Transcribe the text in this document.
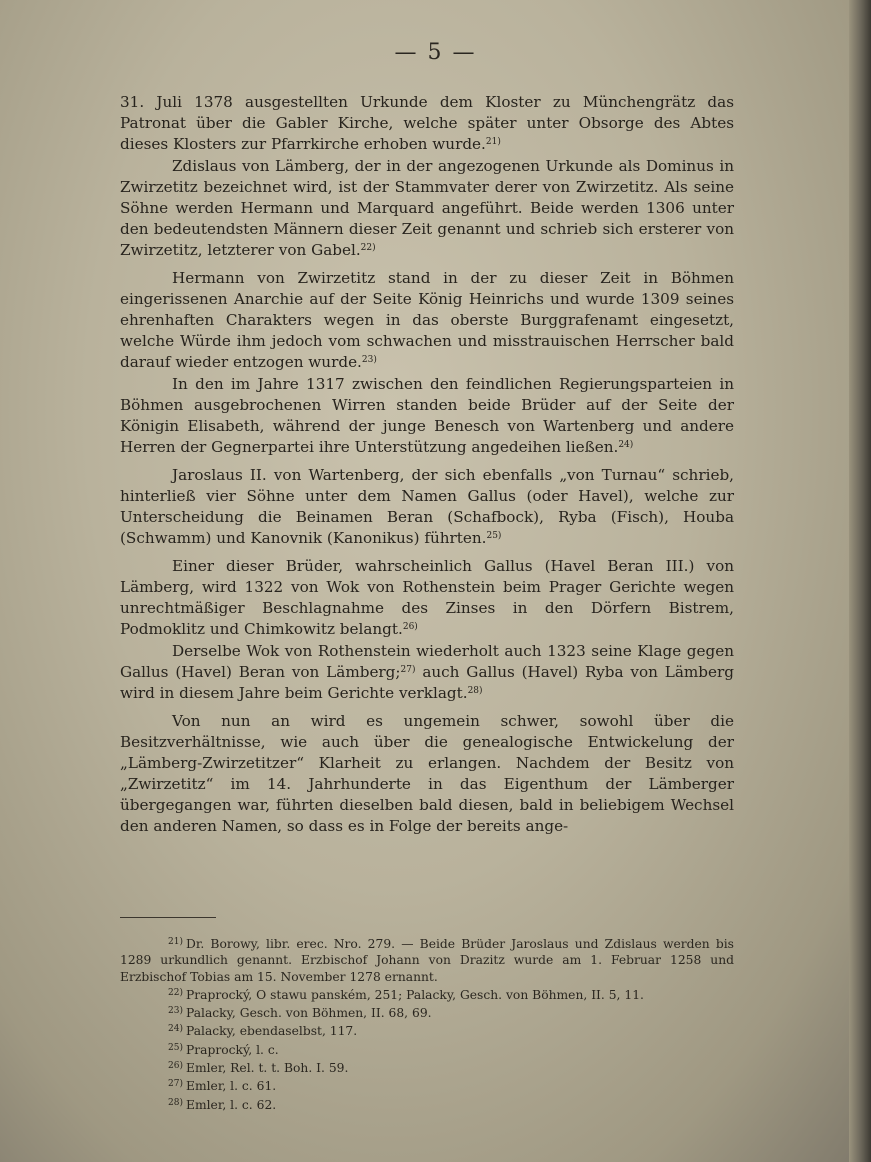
— 5 —

31. Juli 1378 ausgestellten Urkunde dem Kloster zu Münchengrätz das Patronat über die Gabler Kirche, welche später unter Obsorge des Abtes dieses Klosters zur Pfarrkirche erhoben wurde.$^{21)}$

Zdislaus von Lämberg, der in der angezogenen Urkunde als Dominus in Zwirzetitz bezeichnet wird, ist der Stammvater derer von Zwirzetitz. Als seine Söhne werden Hermann und Marquard angeführt. Beide werden 1306 unter den bedeutendsten Männern dieser Zeit genannt und schrieb sich ersterer von Zwirzetitz, letzterer von Gabel.$^{22)}$

Hermann von Zwirzetitz stand in der zu dieser Zeit in Böhmen eingerissenen Anarchie auf der Seite König Heinrichs und wurde 1309 seines ehrenhaften Charakters wegen in das oberste Burggrafenamt eingesetzt, welche Würde ihm jedoch vom schwachen und misstrauischen Herrscher bald darauf wieder entzogen wurde.$^{23)}$

In den im Jahre 1317 zwischen den feindlichen Regierungsparteien in Böhmen ausgebrochenen Wirren standen beide Brüder auf der Seite der Königin Elisabeth, während der junge Benesch von Wartenberg und andere Herren der Gegnerpartei ihre Unterstützung angedeihen ließen.$^{24)}$

Jaroslaus II. von Wartenberg, der sich ebenfalls „von Turnau“ schrieb, hinterließ vier Söhne unter dem Namen Gallus (oder Havel), welche zur Unterscheidung die Beinamen Beran (Schafbock), Ryba (Fisch), Houba (Schwamm) und Kanovnik (Kanonikus) führten.$^{25)}$

Einer dieser Brüder, wahrscheinlich Gallus (Havel Beran III.) von Lämberg, wird 1322 von Wok von Rothenstein beim Prager Gerichte wegen unrechtmäßiger Beschlagnahme des Zinses in den Dörfern Bistrem, Podmoklitz und Chimkowitz belangt.$^{26)}$

Derselbe Wok von Rothenstein wiederholt auch 1323 seine Klage gegen Gallus (Havel) Beran von Lämberg;$^{27)}$ auch Gallus (Havel) Ryba von Lämberg wird in diesem Jahre beim Gerichte verklagt.$^{28)}$

Von nun an wird es ungemein schwer, sowohl über die Besitzverhältnisse, wie auch über die genealogische Entwickelung der „Lämberg-Zwirzetitzer“ Klarheit zu erlangen. Nachdem der Besitz von „Zwirzetitz“ im 14. Jahrhunderte in das Eigenthum der Lämberger übergegangen war, führten dieselben bald diesen, bald in beliebigem Wechsel den anderen Namen, so dass es in Folge der bereits ange-

$^{21)}$ Dr. Borowy, libr. erec. Nro. 279. — Beide Brüder Jaroslaus und Zdislaus werden bis 1289 urkundlich genannt. Erzbischof Johann von Drazitz wurde am 1. Februar 1258 und Erzbischof Tobias am 15. November 1278 ernannt.

$^{22)}$ Praprocký, O stawu panském, 251; Palacky, Gesch. von Böhmen, II. 5, 11.

$^{23)}$ Palacky, Gesch. von Böhmen, II. 68, 69.

$^{24)}$ Palacky, ebendaselbst, 117.

$^{25)}$ Praprocký, l. c.

$^{26)}$ Emler, Rel. t. t. Boh. I. 59.

$^{27)}$ Emler, l. c. 61.

$^{28)}$ Emler, l. c. 62.
